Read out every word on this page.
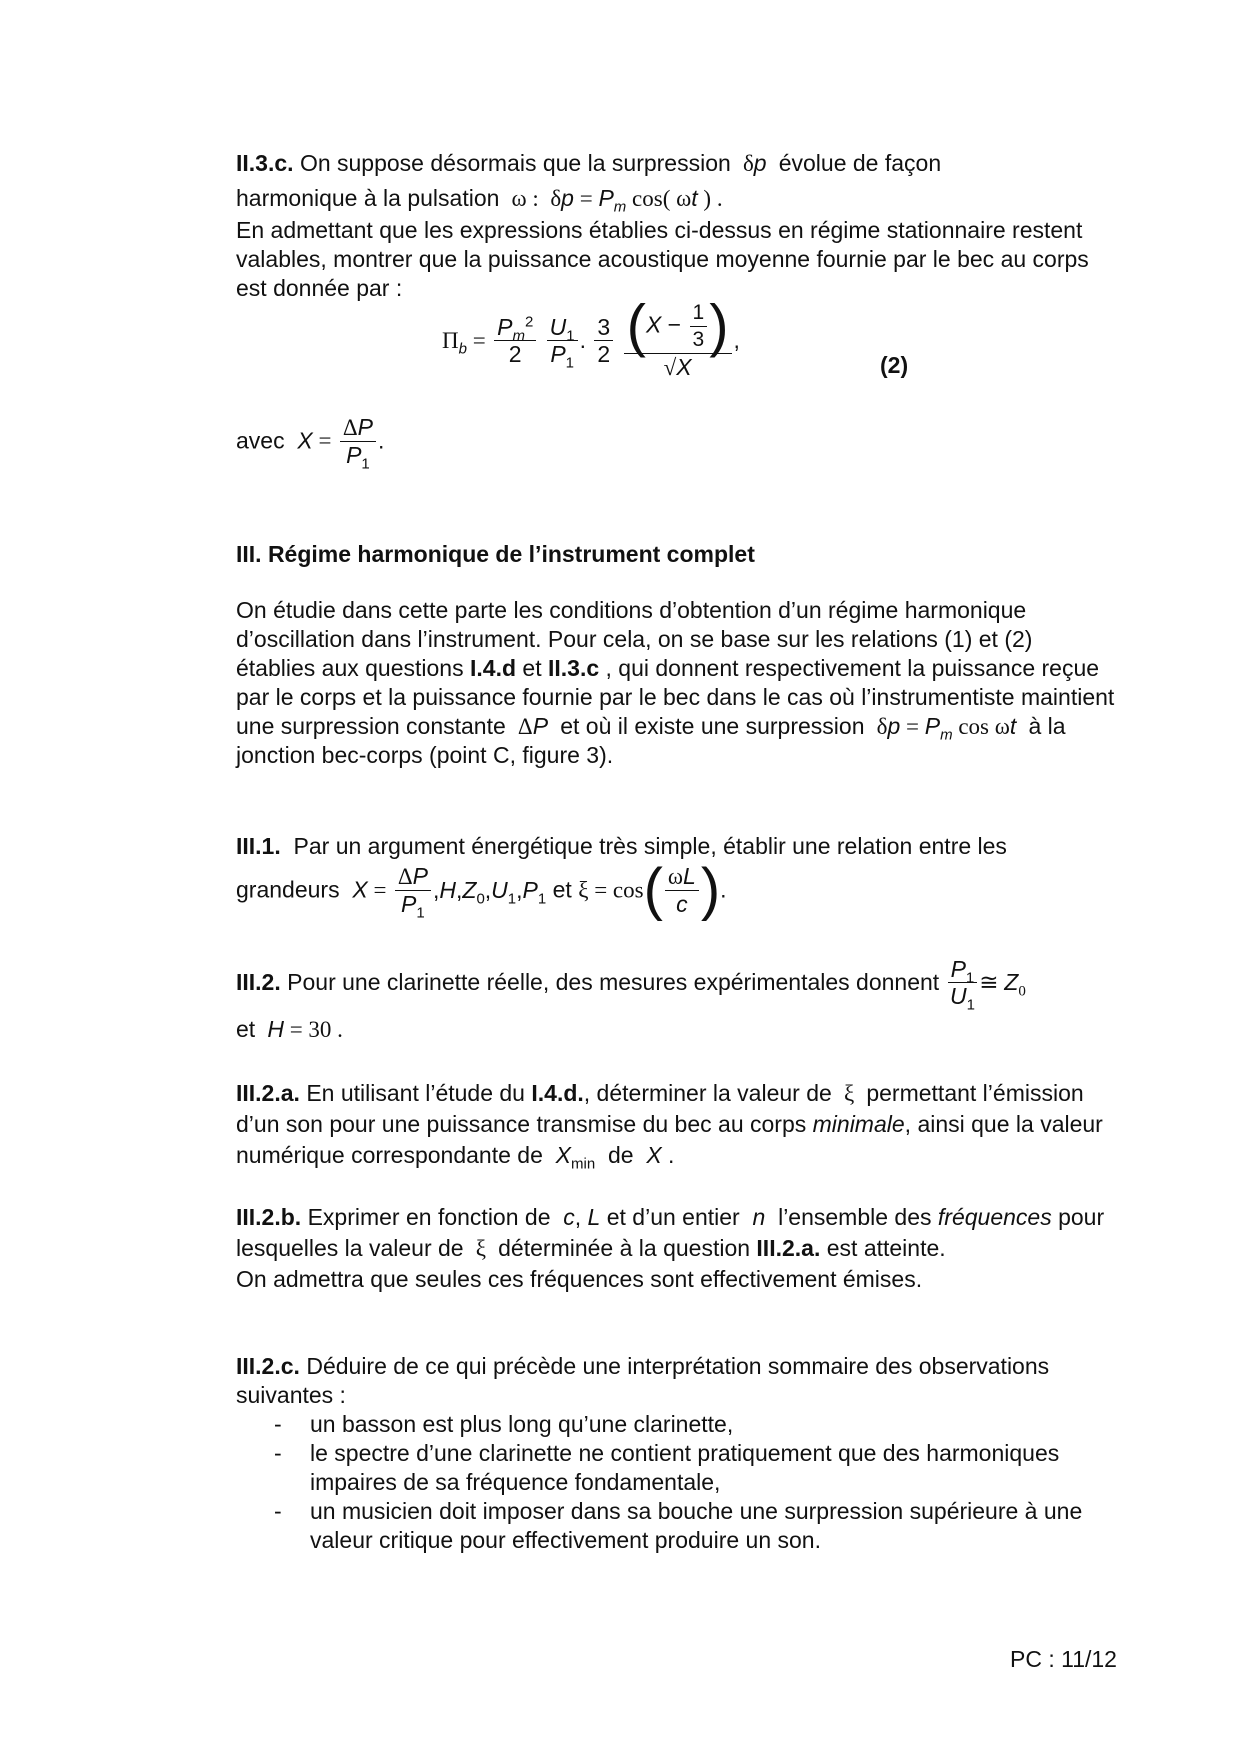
II.3.c. On suppose désormais que la surpression  δp évolue de façon
harmonique à la pulsation  ω :  $\delta p = P_m$ cos( ωt ) .
En admettant que les expressions établies ci-dessus en régime stationnaire restent valables, montrer que la puissance acoustique moyenne fournie par le bec au corps est donnée par :
$\Pi_b = \frac{P_m^2}{2}$
$\frac{U_1}{P_1}$ . $\frac{3}{2}$
$\frac{(X - \frac{1}{3} )}{√X}$ ,
(2)
avec  $X = \frac{\Delta P}{P_1}$ .
III. Régime harmonique de l’instrument complet
On étudie dans cette parte les conditions d’obtention d’un régime harmonique d’oscillation dans l’instrument. Pour cela, on se base sur les relations (1) et (2) établies aux questions I.4.d et II.3.c , qui donnent respectivement la puissance reçue par le corps et la puissance fournie par le bec dans le cas où l’instrumentiste maintient une surpression constante  ΔP et où il existe une surpression  $\delta p = P_m$ cos ωt à la jonction bec-corps (point C, figure 3).
III.1. Par un argument énergétique très simple, établir une relation entre les
grandeurs  $X = \frac{\Delta P}{P_1} ,H,Z_0,U_1,P_1$ et $\xi = \cos( \frac{\omega L}{c}$ ).
III.2. Pour une clarinette réelle, des mesures expérimentales donnent $\frac{P_1}{U_1}$ ≅ $Z_0$
et H = 30 .
III.2.a. En utilisant l’étude du I.4.d., déterminer la valeur de  ξ  permettant l’émission d’un son pour une puissance transmise du bec au corps minimale, ainsi que la valeur numérique correspondante de  $X_{min}$ de  X .
III.2.b. Exprimer en fonction de  c, L et d’un entier  n  l’ensemble des fréquences pour lesquelles la valeur de  ξ  déterminée à la question III.2.a. est atteinte.
On admettra que seules ces fréquences sont effectivement émises.
III.2.c. Déduire de ce qui précède une interprétation sommaire des observations suivantes :
- un basson est plus long qu’une clarinette,
- le spectre d’une clarinette ne contient pratiquement que des harmoniques impaires de sa fréquence fondamentale,
- un musicien doit imposer dans sa bouche une surpression supérieure à une valeur critique pour effectivement produire un son.
PC : 11/12
